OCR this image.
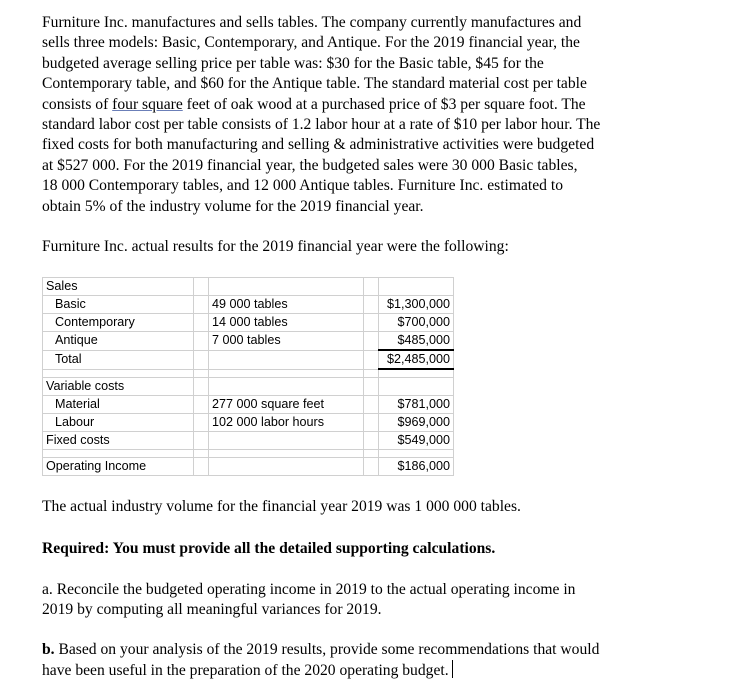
Furniture Inc. manufactures and sells tables. The company currently manufactures and
sells three models: Basic, Contemporary, and Antique. For the 2019 financial year, the
budgeted average selling price per table was: $30 for the Basic table, $45 for the
Contemporary table, and $60 for the Antique table. The standard material cost per table
consists of four square feet of oak wood at a purchased price of $3 per square foot. The
standard labor cost per table consists of 1.2 labor hour at a rate of $10 per labor hour. The
fixed costs for both manufacturing and selling & administrative activities were budgeted
at $527 000. For the 2019 financial year, the budgeted sales were 30 000 Basic tables,
18 000 Contemporary tables, and 12 000 Antique tables. Furniture Inc. estimated to
obtain 5% of the industry volume for the 2019 financial year.

Furniture Inc. actual results for the 2019 financial year were the following:

Sales				
Basic		49 000 tables		$1,300,000
Contemporary		14 000 tables		$700,000
Antique		7 000 tables		$485,000
Total				$2,485,000

Variable costs				
Material		277 000 square feet		$781,000
Labour		102 000 labor hours		$969,000
Fixed costs				$549,000

Operating Income				$186,000

The actual industry volume for the financial year 2019 was 1 000 000 tables.

Required: You must provide all the detailed supporting calculations.

a. Reconcile the budgeted operating income in 2019 to the actual operating income in
2019 by computing all meaningful variances for 2019.

b. Based on your analysis of the 2019 results, provide some recommendations that would
have been useful in the preparation of the 2020 operating budget.
